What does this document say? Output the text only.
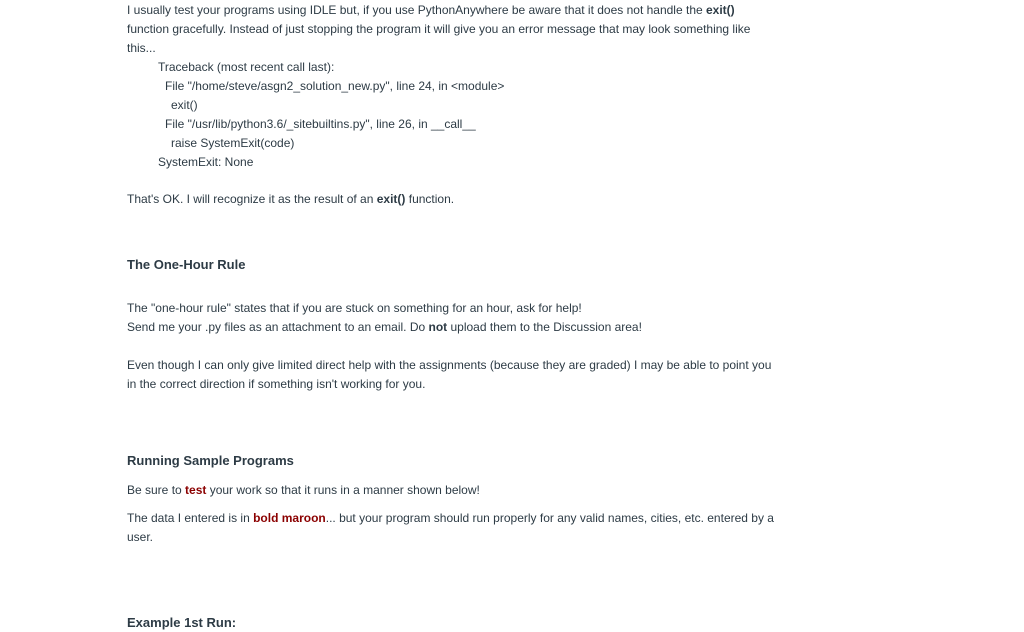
I usually test your programs using IDLE but, if you use PythonAnywhere be aware that it does not handle the exit() function gracefully. Instead of just stopping the program it will give you an error message that may look something like this...

Traceback (most recent call last):
File "/home/steve/asgn2_solution_new.py", line 24, in <module>
exit()
File "/usr/lib/python3.6/_sitebuiltins.py", line 26, in __call__
raise SystemExit(code)
SystemExit: None

That's OK. I will recognize it as the result of an exit() function.

The One-Hour Rule
The "one-hour rule" states that if you are stuck on something for an hour, ask for help!
Send me your .py files as an attachment to an email. Do not upload them to the Discussion area!

Even though I can only give limited direct help with the assignments (because they are graded) I may be able to point you in the correct direction if something isn't working for you.

Running Sample Programs

Be sure to test your work so that it runs in a manner shown below!

The data I entered is in bold maroon... but your program should run properly for any valid names, cities, etc. entered by a user.

Example 1st Run:
